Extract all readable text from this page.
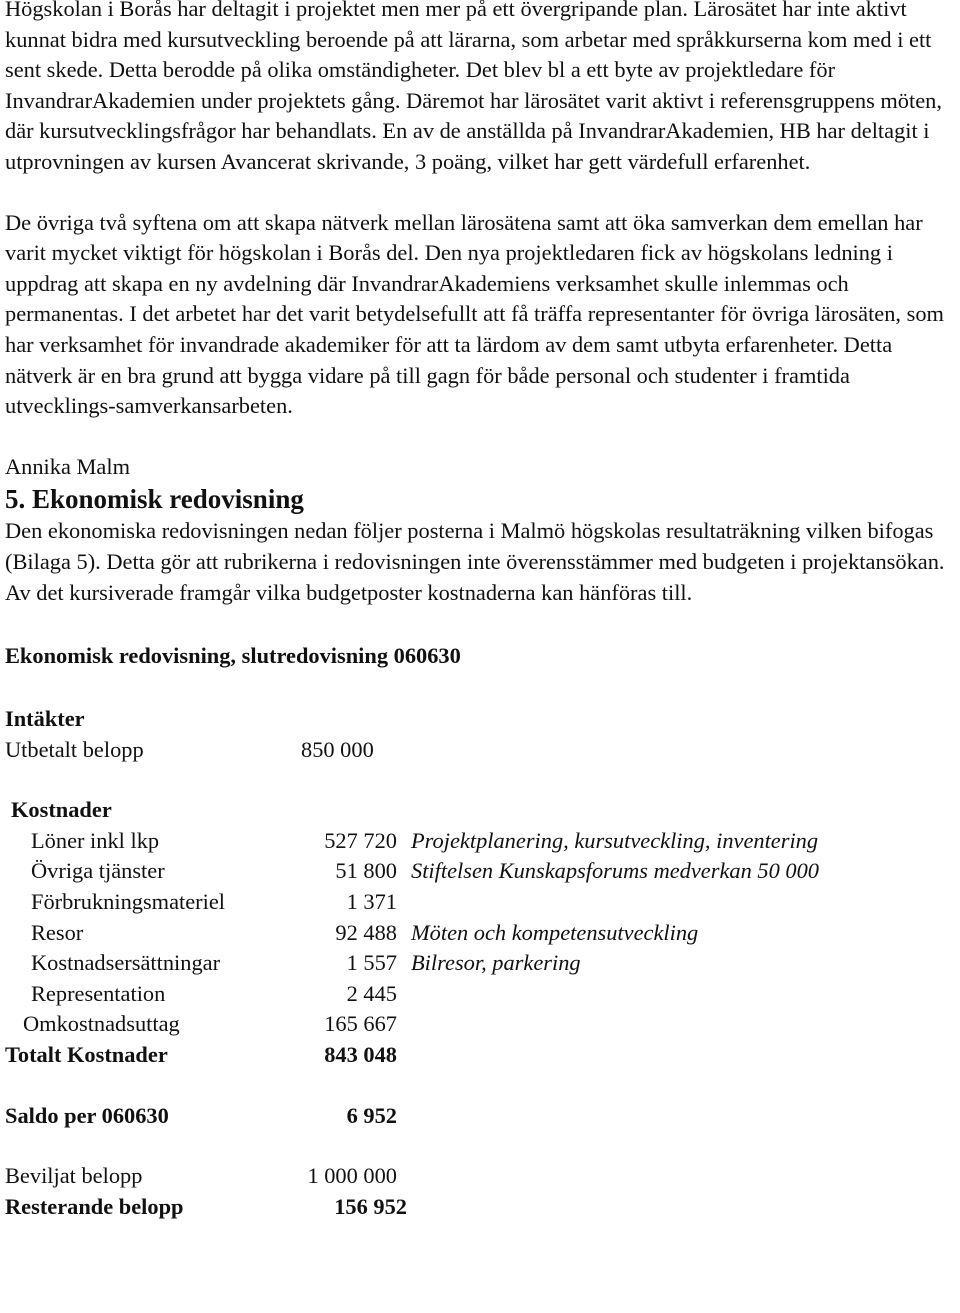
Högskolan i Borås har deltagit i projektet men mer på ett övergripande plan. Lärosätet har inte aktivt kunnat bidra med kursutveckling beroende på att lärarna, som arbetar med språkkurserna kom med i ett sent skede. Detta berodde på olika omständigheter. Det blev bl a ett byte av projektledare för InvandrarAkademien under projektets gång. Däremot har lärosätet varit aktivt i referensgruppens möten, där kursutvecklingsfrågor har behandlats. En av de anställda på InvandrarAkademien, HB har deltagit i utprovningen av kursen Avancerat skrivande, 3 poäng, vilket har gett värdefull erfarenhet.

De övriga två syftena om att skapa nätverk mellan lärosätena samt att öka samverkan dem emellan har varit mycket viktigt för högskolan i Borås del. Den nya projektledaren fick av högskolans ledning i uppdrag att skapa en ny avdelning där InvandrarAkademiens verksamhet skulle inlemmas och permanentas. I det arbetet har det varit betydelsefullt att få träffa representanter för övriga lärosäten, som har verksamhet för invandrade akademiker för att ta lärdom av dem samt utbyta erfarenheter. Detta nätverk är en bra grund att bygga vidare på till gagn för både personal och studenter i framtida utvecklings-samverkansarbeten.

Annika Malm

5. Ekonomisk redovisning

Den ekonomiska redovisningen nedan följer posterna i Malmö högskolas resultaträkning vilken bifogas (Bilaga 5). Detta gör att rubrikerna i redovisningen inte överensstämmer med budgeten i projektansökan. Av det kursiverade framgår vilka budgetposter kostnaderna kan hänföras till.

Ekonomisk redovisning, slutredovisning 060630

Intäkter

Utbetalt belopp	850 000
Kostnader
Löner inkl lkp	527 720 Projektplanering, kursutveckling, inventering
Övriga tjänster	51 800 Stiftelsen Kunskapsforums medverkan 50 000
Förbrukningsmateriel	1 371
Resor	92 488 Möten och kompetensutveckling
Kostnadsersättningar	1 557 Bilresor, parkering
Representation	2 445
Omkostnadsuttag	165 667
Totalt Kostnader	843 048
Saldo per 060630	6 952
Beviljat belopp	1 000 000
Resterande belopp	156 952
